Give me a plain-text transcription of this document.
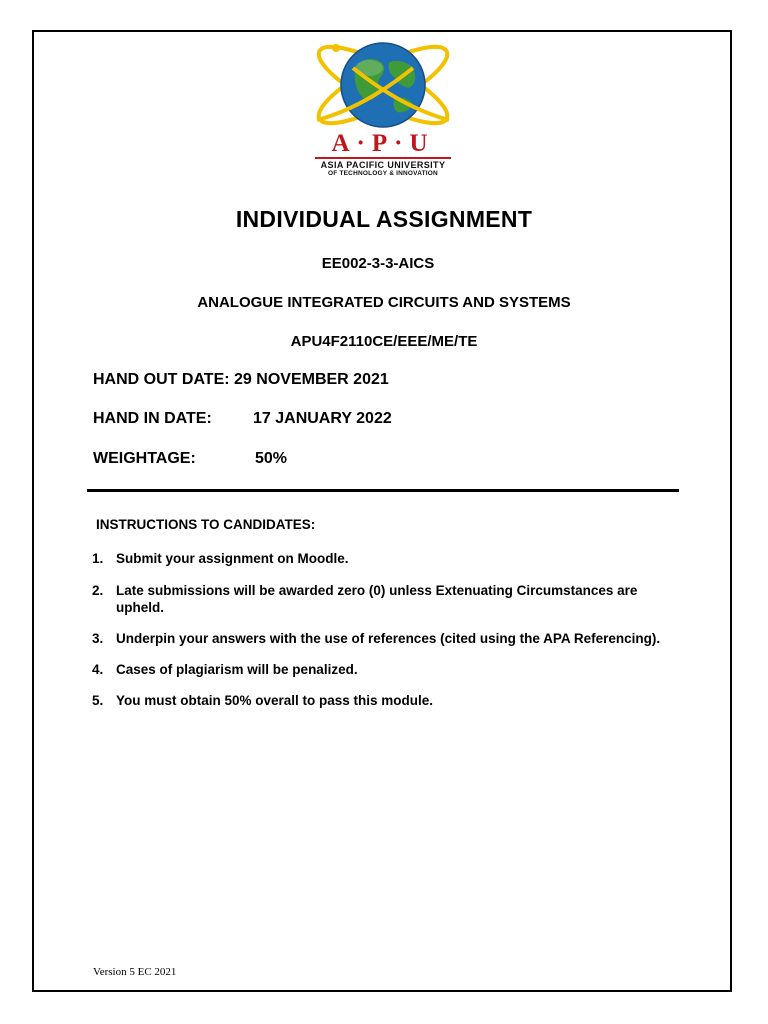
A·P·U
ASIA PACIFIC UNIVERSITY
OF TECHNOLOGY & INNOVATION
INDIVIDUAL ASSIGNMENT
EE002-3-3-AICS
ANALOGUE INTEGRATED CIRCUITS AND SYSTEMS
APU4F2110CE/EEE/ME/TE
HAND OUT DATE: 29 NOVEMBER 2021
HAND IN DATE:	17 JANUARY 2022
WEIGHTAGE:	50%
INSTRUCTIONS TO CANDIDATES:
1. Submit your assignment on Moodle.
2. Late submissions will be awarded zero (0) unless Extenuating Circumstances are upheld.
3. Underpin your answers with the use of references (cited using the APA Referencing).
4. Cases of plagiarism will be penalized.
5. You must obtain 50% overall to pass this module.
Version 5 EC 2021
